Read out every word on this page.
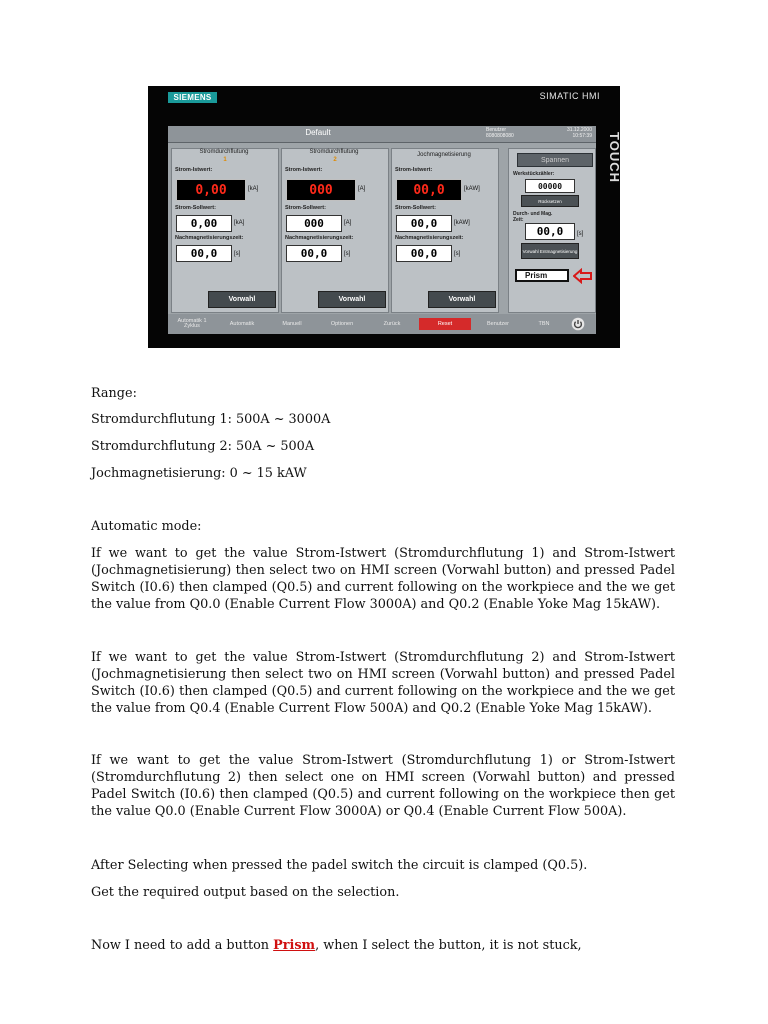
SIEMENS	SIMATIC HMI
TOUCH
Default	Benutzer
8080808080
31.12.2000
10:57:39
Stromdurchflutung
1
Strom-Istwert:
0,00	[kA]
Strom-Sollwert:
0,00	[kA]
Nachmagnetisierungszeit:
00,0	[s]
Vorwahl
Stromdurchflutung
2
Strom-Istwert:
000	[A]
Strom-Sollwert:
000	[A]
Nachmagnetisierungszeit:
00,0	[s]
Vorwahl
Jochmagnetisierung
Strom-Istwert:
00,0	[kAW]
Strom-Sollwert:
00,0	[kAW]
Nachmagnetisierungszeit:
00,0	[s]
Vorwahl
Spannen
Werkstückzähler:
00000
Rücksetzen
Durch- und Mag. Zeit:
00,0	[s]
Vorwahl Entmagnetisierung
Prism
Automatik 1 Zyklus	Automatik	Manuell	Optionen	Zurück	Reset	Benutzer	TBN

Range:

Stromdurchflutung 1: 500A ~ 3000A

Stromdurchflutung 2: 50A ~ 500A

Jochmagnetisierung: 0 ~ 15 kAW

Automatic mode:

If we want to get the value Strom-Istwert (Stromdurchflutung 1) and Strom-Istwert (Jochmagnetisierung) then select two on HMI screen (Vorwahl button) and pressed Padel Switch (I0.6) then clamped (Q0.5) and current following on the workpiece and the we get the value from Q0.0 (Enable Current Flow 3000A) and Q0.2 (Enable Yoke Mag 15kAW).

If we want to get the value Strom-Istwert (Stromdurchflutung 2) and Strom-Istwert (Jochmagnetisierung then select two on HMI screen (Vorwahl button) and pressed Padel Switch (I0.6) then clamped (Q0.5) and current following on the workpiece and the we get the value from Q0.4 (Enable Current Flow 500A) and Q0.2 (Enable Yoke Mag 15kAW).

If we want to get the value Strom-Istwert (Stromdurchflutung 1) or Strom-Istwert (Stromdurchflutung 2) then select one on HMI screen (Vorwahl button) and pressed Padel Switch (I0.6) then clamped (Q0.5) and current following on the workpiece then get the value Q0.0 (Enable Current Flow 3000A) or Q0.4 (Enable Current Flow 500A).

After Selecting when pressed the padel switch the circuit is clamped (Q0.5).

Get the required output based on the selection.

Now I need to add a button Prism, when I select the button, it is not stuck,
